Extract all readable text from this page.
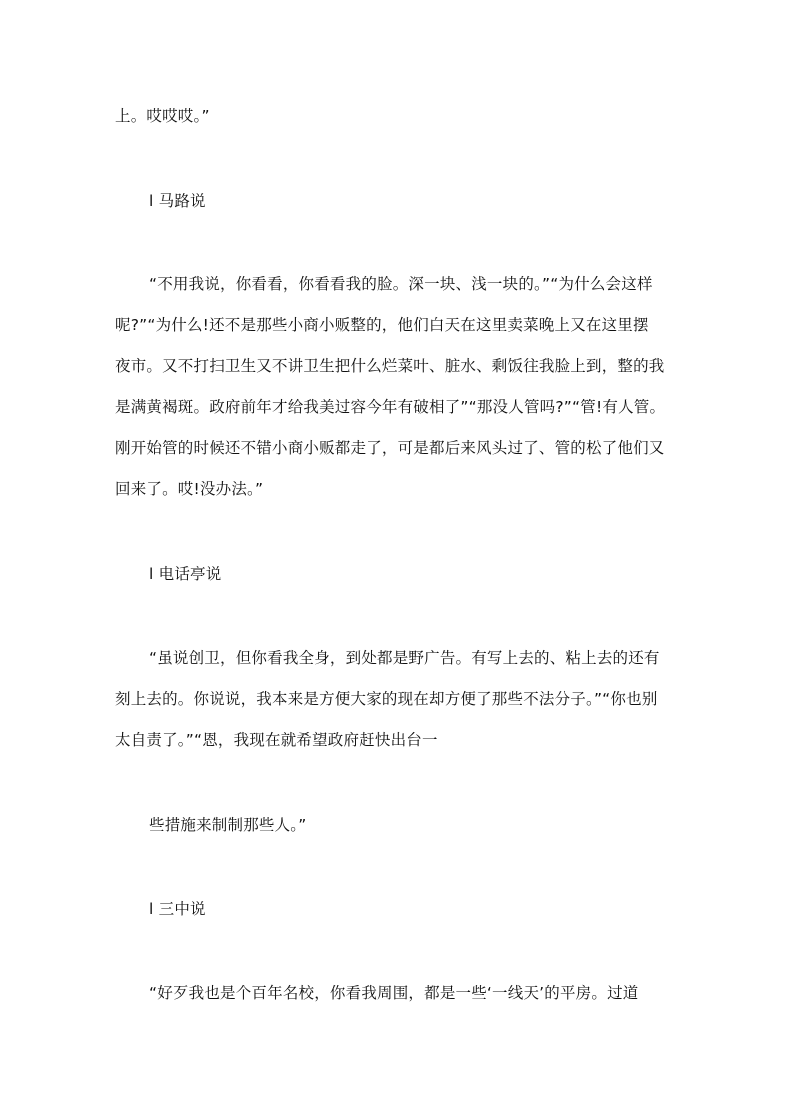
上。哎哎哎。”
l 马路说
“不用我说，你看看，你看看我的脸。深一块、浅一块的。”“为什么会这样
呢?”“为什么!还不是那些小商小贩整的，他们白天在这里卖菜晚上又在这里摆
夜市。又不打扫卫生又不讲卫生把什么烂菜叶、脏水、剩饭往我脸上到，整的我
是满黄褐斑。政府前年才给我美过容今年有破相了”“那没人管吗?”“管!有人管。
刚开始管的时候还不错小商小贩都走了，可是都后来风头过了、管的松了他们又
回来了。哎!没办法。”
l 电话亭说
“虽说创卫，但你看我全身，到处都是野广告。有写上去的、粘上去的还有
刻上去的。你说说，我本来是方便大家的现在却方便了那些不法分子。”“你也别
太自责了。”“恩，我现在就希望政府赶快出台一
些措施来制制那些人。”
l 三中说
“好歹我也是个百年名校，你看我周围，都是一些‘一线天’的平房。过道
